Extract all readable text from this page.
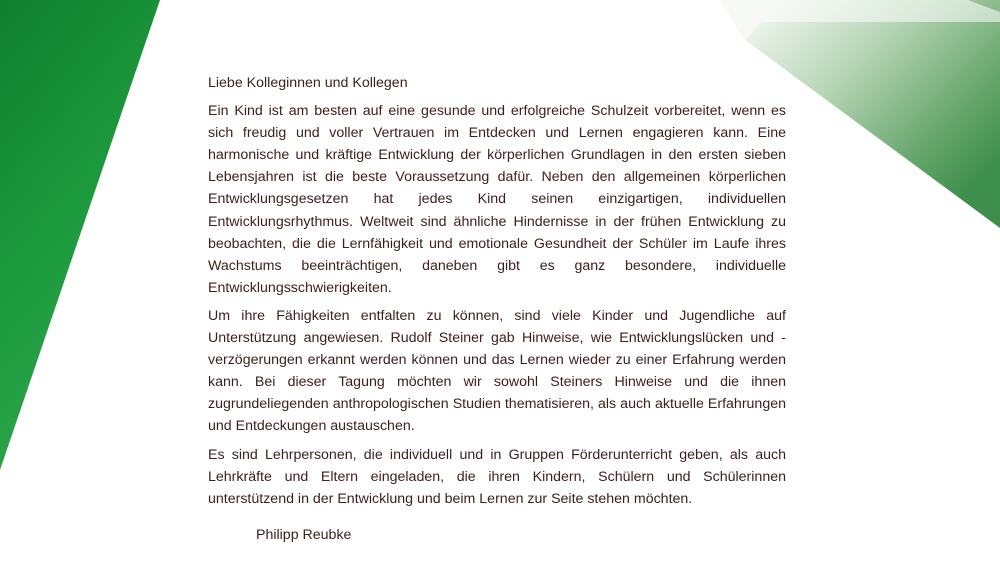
Liebe Kolleginnen und Kollegen
Ein Kind ist am besten auf eine gesunde und erfolgreiche Schulzeit vorbereitet, wenn es sich freudig und voller Vertrauen im Entdecken und Lernen engagieren kann. Eine harmonische und kräftige Entwicklung der körperlichen Grundlagen in den ersten sieben Lebensjahren ist die beste Voraussetzung dafür. Neben den allgemeinen körperlichen Entwicklungsgesetzen hat jedes Kind seinen einzigartigen, individuellen Entwicklungsrhythmus. Weltweit sind ähnliche Hindernisse in der frühen Entwicklung zu beobachten, die die Lernfähigkeit und emotionale Gesundheit der Schüler im Laufe ihres Wachstums beeinträchtigen, daneben gibt es ganz besondere, individuelle Entwicklungsschwierigkeiten.
Um ihre Fähigkeiten entfalten zu können, sind viele Kinder und Jugendliche auf Unterstützung angewiesen. Rudolf Steiner gab Hinweise, wie Entwicklungslücken und -verzögerungen erkannt werden können und das Lernen wieder zu einer Erfahrung werden kann. Bei dieser Tagung möchten wir sowohl Steiners Hinweise und die ihnen zugrundeliegenden anthropologischen Studien thematisieren, als auch aktuelle Erfahrungen und Entdeckungen austauschen.
Es sind Lehrpersonen, die individuell und in Gruppen Förderunterricht geben, als auch Lehrkräfte und Eltern eingeladen, die ihren Kindern, Schülern und Schülerinnen unterstützend in der Entwicklung und beim Lernen zur Seite stehen möchten.
Philipp Reubke
